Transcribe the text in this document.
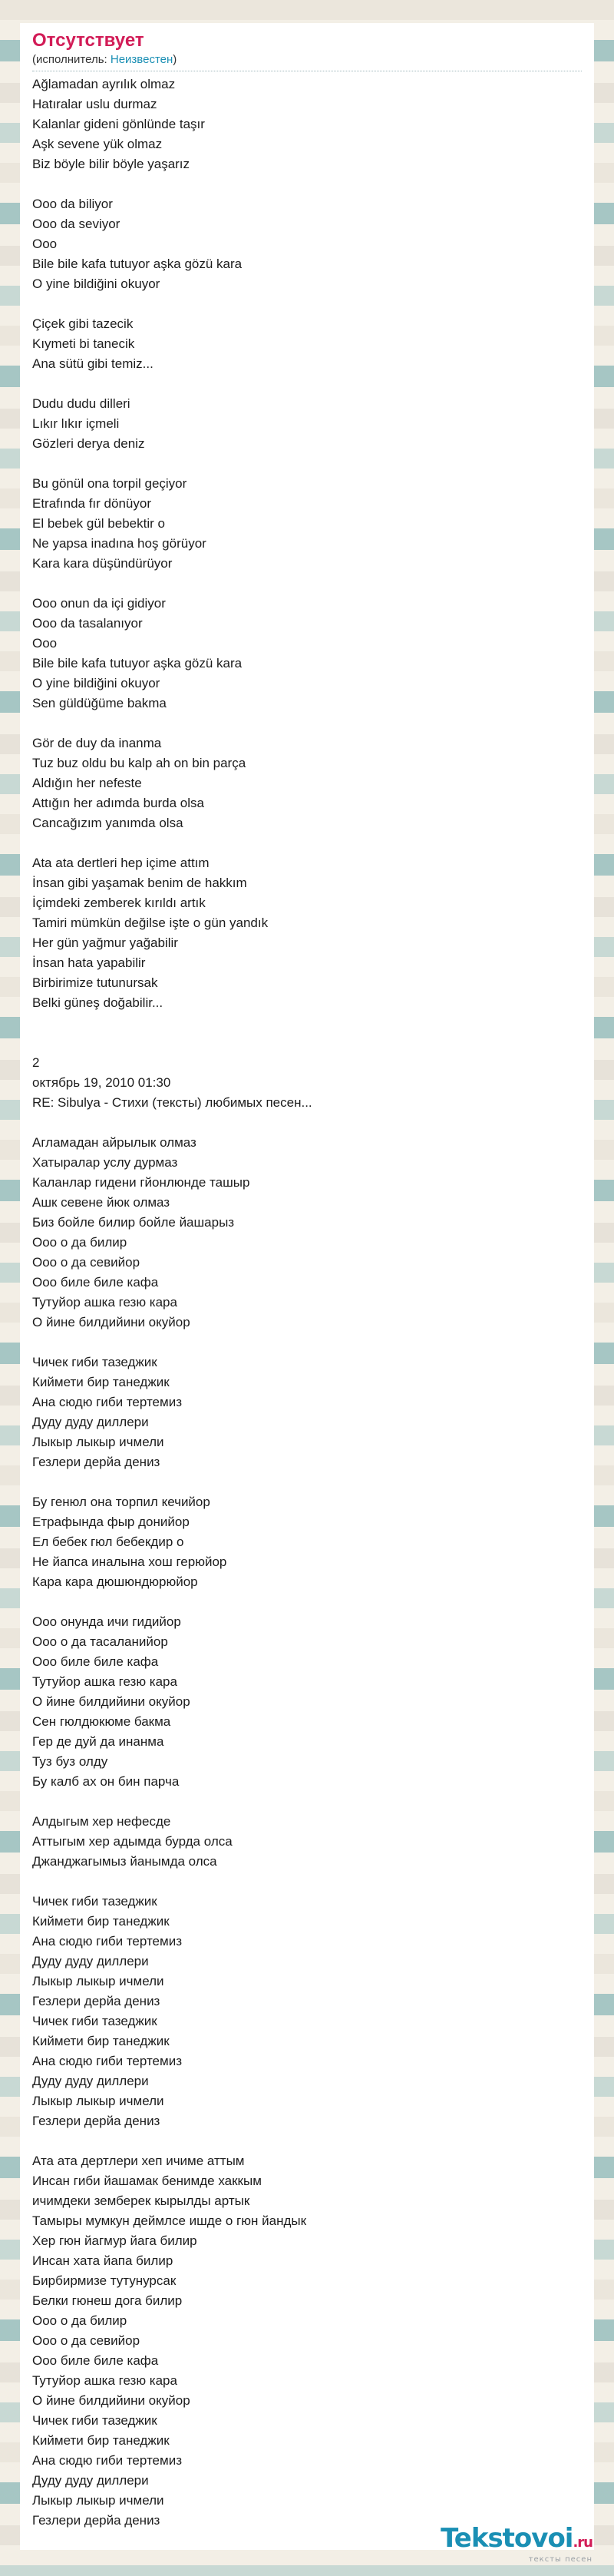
Отсутствует
(исполнитель: Неизвестен)
Ağlamadan ayrılık olmaz
Hatıralar uslu durmaz
Kalanlar gideni gönlünde taşır
Aşk sevene yük olmaz
Biz böyle bilir böyle yaşarız
Ooo da biliyor
Ooo da seviyor
Ooo
Bile bile kafa tutuyor aşka gözü kara
O yine bildiğini okuyor
Çiçek gibi tazecik
Kıymeti bi tanecik
Ana sütü gibi temiz...
Dudu dudu dilleri
Lıkır lıkır içmeli
Gözleri derya deniz
Bu gönül ona torpil geçiyor
Etrafında fır dönüyor
El bebek gül bebektir o
Ne yapsa inadına hoş görüyor
Kara kara düşündürüyor
Ooo onun da içi gidiyor
Ooo da tasalanıyor
Ooo
Bile bile kafa tutuyor aşka gözü kara
O yine bildiğini okuyor
Sen güldüğüme bakma
Gör de duy da inanma
Tuz buz oldu bu kalp ah on bin parça
Aldığın her nefeste
Attığın her adımda burda olsa
Cancağızım yanımda olsa
Ata ata dertleri hep içime attım
İnsan gibi yaşamak benim de hakkım
İçimdeki zemberek kırıldı artık
Tamiri mümkün değilse işte o gün yandık
Her gün yağmur yağabilir
İnsan hata yapabilir
Birbirimize tutunursak
Belki güneş doğabilir...
2
октябрь 19, 2010 01:30
RE: Sibulya - Стихи (тексты) любимых песен...
Агламадан айрылык олмаз
Хатыралар услу дурмаз
Каланлар гидени гйонлюнде ташыр
Ашк севене йюк олмаз
Биз бойле билир бойле йашарыз
Ооо о да билир
Ооо о да севийор
Ооо биле биле кафа
Тутуйор ашка гезю кара
О йине билдийини окуйор
Чичек гиби тазеджик
Киймети бир танеджик
Ана сюдю гиби тертемиз
Дуду дуду диллери
Лыкыр лыкыр ичмели
Гезлери дерйа дениз
Бу генюл она торпил кечийор
Етрафында фыр донийор
Ел бебек гюл бебекдир о
Не йапса иналына хош герюйор
Кара кара дюшюндюрюйор
Ооо онунда ичи гидийор
Ооо о да тасаланийор
Ооо биле биле кафа
Тутуйор ашка гезю кара
О йине билдийини окуйор
Сен гюлдюкюме бакма
Гер де дуй да инанма
Туз буз олду
Бу калб ах он бин парча
Алдыгым хер нефесде
Аттыгым хер адымда бурда олса
Джанджагымыз йанымда олса
Чичек гиби тазеджик
Киймети бир танеджик
Ана сюдю гиби тертемиз
Дуду дуду диллери
Лыкыр лыкыр ичмели
Гезлери дерйа дениз
Чичек гиби тазеджик
Киймети бир танеджик
Ана сюдю гиби тертемиз
Дуду дуду диллери
Лыкыр лыкыр ичмели
Гезлери дерйа дениз
Ата ата дертлери хеп ичиме аттым
Инсан гиби йашамак бенимде хаккым
ичимдеки земберек кырылды артык
Тамыры мумкун деймлсе ишде о гюн йандык
Хер гюн йагмур йага билир
Инсан хата йапа билир
Бирбирмизе тутунурсак
Белки гюнеш дога билир
Ооо о да билир
Ооо о да севийор
Ооо биле биле кафа
Тутуйор ашка гезю кара
О йине билдийини окуйор
Чичек гиби тазеджик
Киймети бир танеджик
Ана сюдю гиби тертемиз
Дуду дуду диллери
Лыкыр лыкыр ичмели
Гезлери дерйа дениз
Tekstovoi.ru
тексты песен
